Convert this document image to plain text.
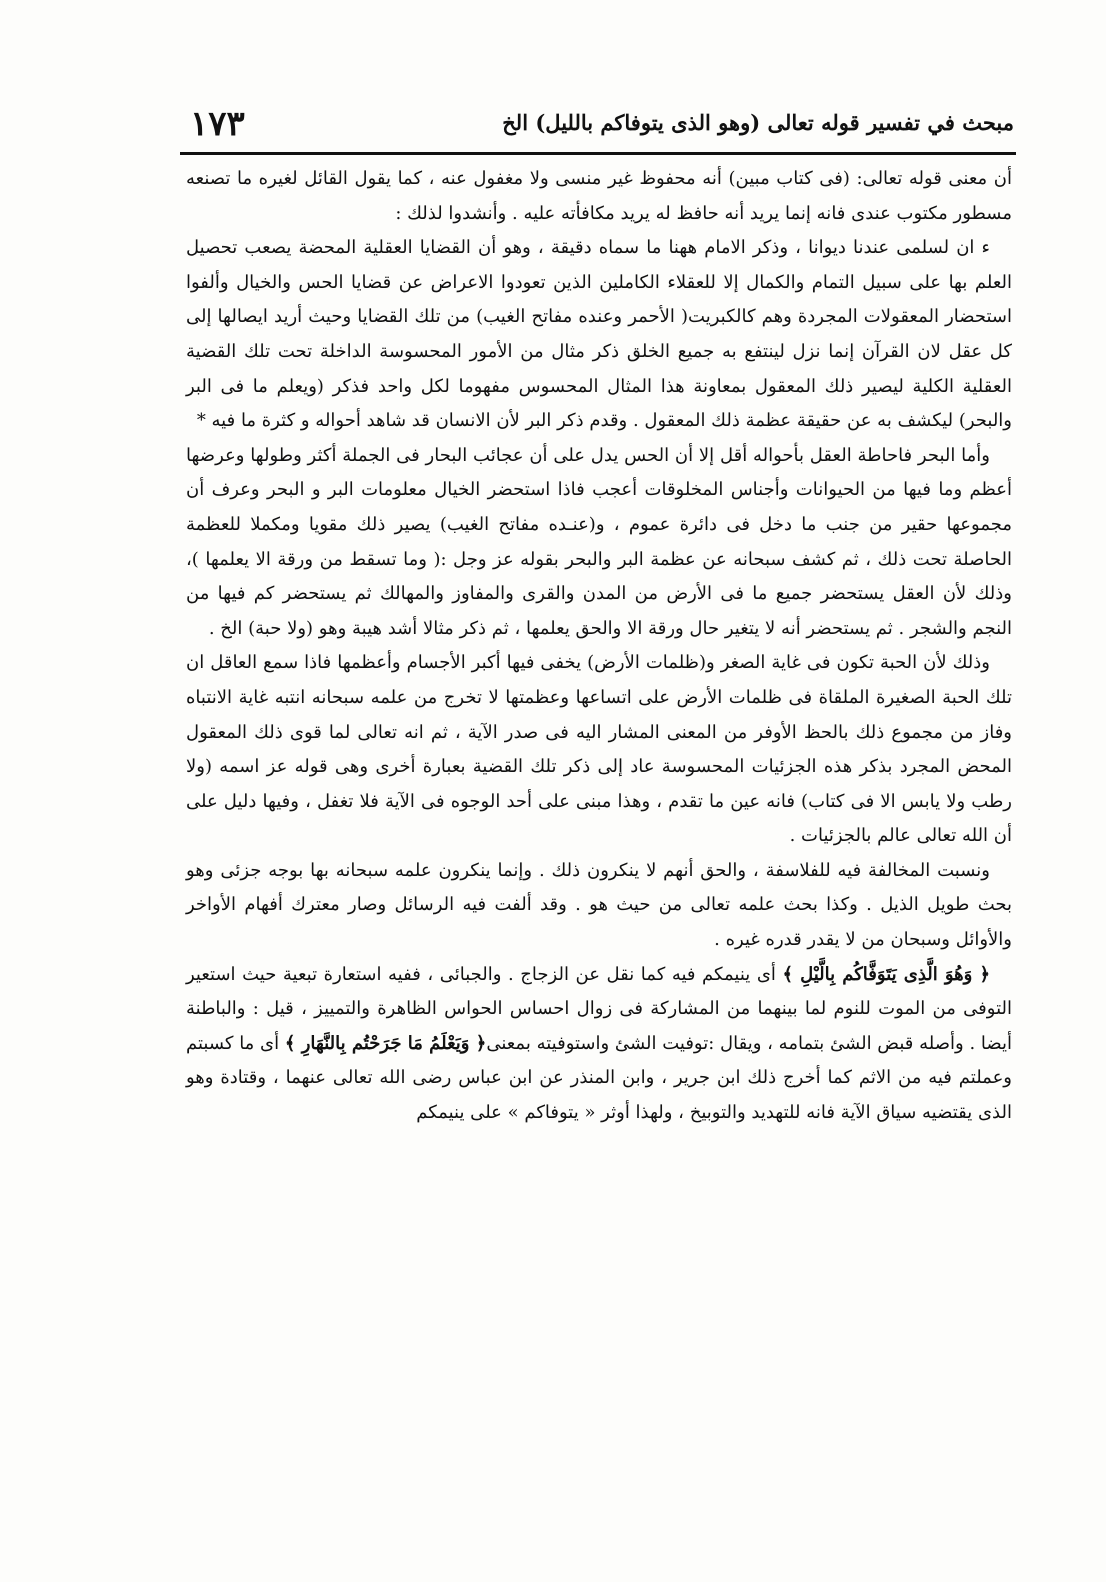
مبحث في تفسير قوله تعالى (وهو الذى يتوفاكم بالليل) الخ
١٧٣

أن معنى قوله تعالى: (فى كتاب مبين) أنه محفوظ غير منسى ولا مغفول عنه ، كما يقول القائل لغيره ما تصنعه مسطور مكتوب عندى فانه إنما يريد أنه حافظ له يريد مكافأته عليه . وأنشدوا لذلك :

ء ان لسلمى عندنا ديوانا ، وذكر الامام ههنا ما سماه دقيقة ، وهو أن القضايا العقلية المحضة يصعب تحصيل العلم بها على سبيل التمام والكمال إلا للعقلاء الكاملين الذين تعودوا الاعراض عن قضايا الحس والخيال وألفوا استحضار المعقولات المجردة وهم كالكبريت( الأحمر وعنده مفاتح الغيب) من تلك القضايا وحيث أريد ايصالها إلى كل عقل لان القرآن إنما نزل لينتفع به جميع الخلق ذكر مثال من الأمور المحسوسة الداخلة تحت تلك القضية العقلية الكلية ليصير ذلك المعقول بمعاونة هذا المثال المحسوس مفهوما لكل واحد فذكر (ويعلم ما فى البر والبحر) ليكشف به عن حقيقة عظمة ذلك المعقول . وقدم ذكر البر لأن الانسان قد شاهد أحواله و كثرة ما فيه *

وأما البحر فاحاطة العقل بأحواله أقل إلا أن الحس يدل على أن عجائب البحار فى الجملة أكثر وطولها وعرضها أعظم وما فيها من الحيوانات وأجناس المخلوقات أعجب فاذا استحضر الخيال معلومات البر و البحر وعرف أن مجموعها حقير من جنب ما دخل فى دائرة عموم ، و(عنـده مفاتح الغيب) يصير ذلك مقويا ومكملا للعظمة الحاصلة تحت ذلك ، ثم كشف سبحانه عن عظمة البر والبحر بقوله عز وجل :( وما تسقط من ورقة الا يعلمها )، وذلك لأن العقل يستحضر جميع ما فى الأرض من المدن والقرى والمفاوز والمهالك ثم يستحضر كم فيها من النجم والشجر . ثم يستحضر أنه لا يتغير حال ورقة الا والحق يعلمها ، ثم ذكر مثالا أشد هيبة وهو (ولا حبة) الخ .

وذلك لأن الحبة تكون فى غاية الصغر و(ظلمات الأرض) يخفى فيها أكبر الأجسام وأعظمها فاذا سمع العاقل ان تلك الحبة الصغيرة الملقاة فى ظلمات الأرض على اتساعها وعظمتها لا تخرج من علمه سبحانه انتبه غاية الانتباه وفاز من مجموع ذلك بالحظ الأوفر من المعنى المشار اليه فى صدر الآية ، ثم انه تعالى لما قوى ذلك المعقول المحض المجرد بذكر هذه الجزئيات المحسوسة عاد إلى ذكر تلك القضية بعبارة أخرى وهى قوله عز اسمه (ولا رطب ولا يابس الا فى كتاب) فانه عين ما تقدم ، وهذا مبنى على أحد الوجوه فى الآية فلا تغفل ، وفيها دليل على أن الله تعالى عالم بالجزئيات .

ونسبت المخالفة فيه للفلاسفة ، والحق أنهم لا ينكرون ذلك . وإنما ينكرون علمه سبحانه بها بوجه جزئى وهو بحث طويل الذيل . وكذا بحث علمه تعالى من حيث هو . وقد ألفت فيه الرسائل وصار معترك أفهام الأواخر والأوائل وسبحان من لا يقدر قدره غيره .

﴿ وَهُوَ الَّذِى يَتَوَفَّاكُم بِالَّيْلِ ﴾ أى ينيمكم فيه كما نقل عن الزجاج . والجبائى ، ففيه استعارة تبعية حيث استعير التوفى من الموت للنوم لما بينهما من المشاركة فى زوال احساس الحواس الظاهرة والتمييز ، قيل : والباطنة أيضا . وأصله قبض الشئ بتمامه ، ويقال :توفيت الشئ واستوفيته بمعنى﴿ وَيَعْلَمُ مَا جَرَحْتُم بِالنَّهَارِ ﴾ أى ما كسبتم وعملتم فيه من الاثم كما أخرج ذلك ابن جرير ، وابن المنذر عن ابن عباس رضى الله تعالى عنهما ، وقتادة وهو الذى يقتضيه سياق الآية فانه للتهديد والتوبيخ ، ولهذا أوثر « يتوفاكم » على ينيمكم
